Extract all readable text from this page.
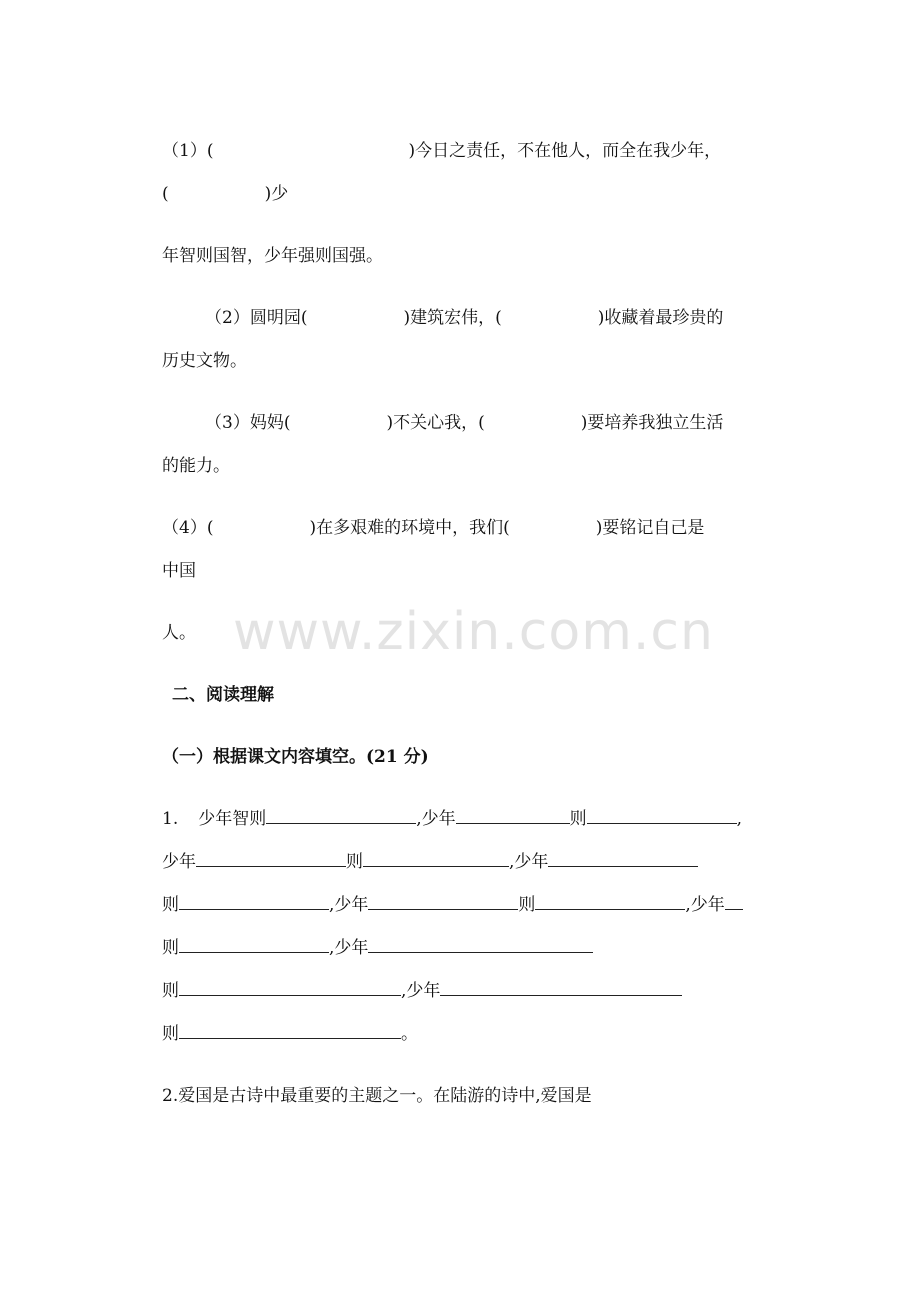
www.zixin.com.cn
（1）(	)今日之责任，不在他人，而全在我少年，
(	)少
年智则国智，少年强则国强。
（2）圆明园(	)建筑宏伟，(	)收藏着最珍贵的
历史文物。
（3）妈妈(	)不关心我，(	)要培养我独立生活
的能力。
（4）(	)在多艰难的环境中，我们(	)要铭记自己是
中国
人。
二、阅读理解
（一）根据课文内容填空。(21 分)
1. 少年智则	,少年	则	,
少年	则	,少年
则	,少年	则	,少年
则	,少年
则	,少年
则	。
2.爱国是古诗中最重要的主题之一。在陆游的诗中,爱国是
